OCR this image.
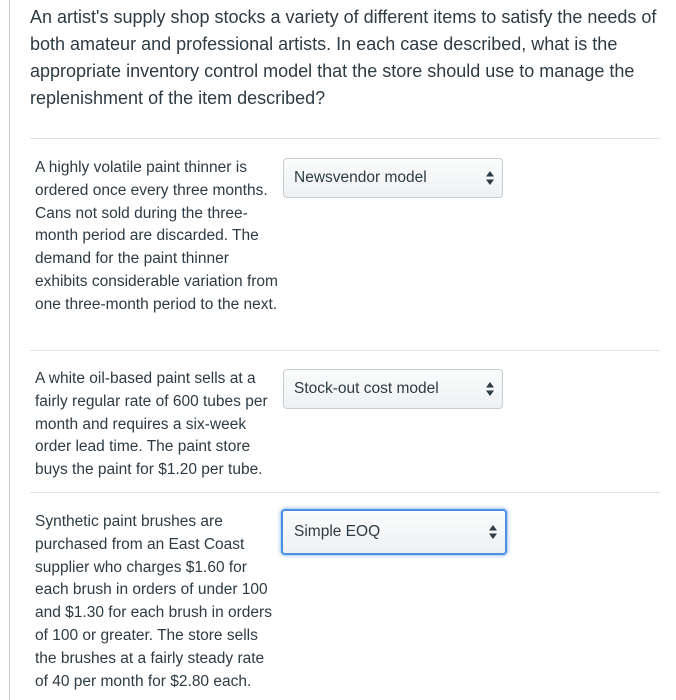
An artist's supply shop stocks a variety of different items to satisfy the needs of both amateur and professional artists. In each case described, what is the appropriate inventory control model that the store should use to manage the replenishment of the item described?
A highly volatile paint thinner is ordered once every three months. Cans not sold during the three-month period are discarded. The demand for the paint thinner exhibits considerable variation from one three-month period to the next.
Newsvendor model
A white oil-based paint sells at a fairly regular rate of 600 tubes per month and requires a six-week order lead time. The paint store buys the paint for $1.20 per tube.
Stock-out cost model
Synthetic paint brushes are purchased from an East Coast supplier who charges $1.60 for each brush in orders of under 100 and $1.30 for each brush in orders of 100 or greater. The store sells the brushes at a fairly steady rate of 40 per month for $2.80 each.
Simple EOQ
